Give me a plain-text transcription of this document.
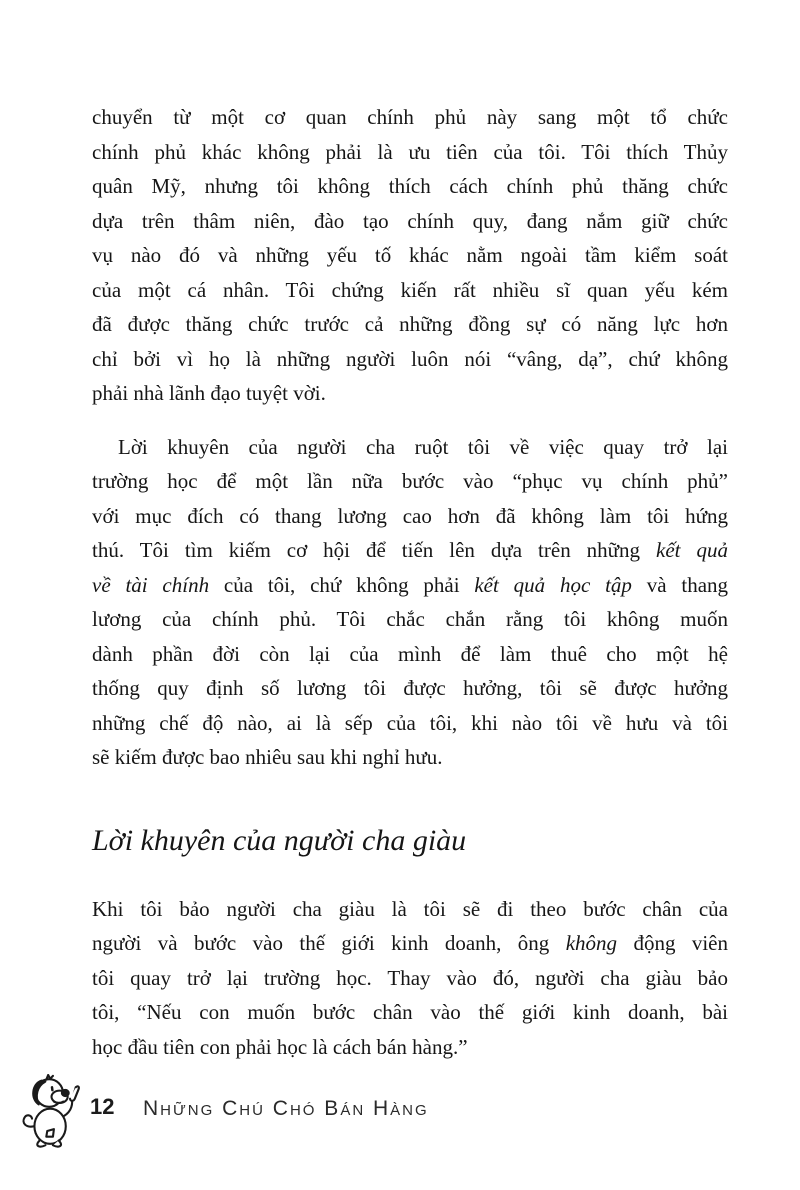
chuyển từ một cơ quan chính phủ này sang một tổ chức
chính phủ khác không phải là ưu tiên của tôi. Tôi thích Thủy
quân Mỹ, nhưng tôi không thích cách chính phủ thăng chức
dựa trên thâm niên, đào tạo chính quy, đang nắm giữ chức
vụ nào đó và những yếu tố khác nằm ngoài tầm kiểm soát
của một cá nhân. Tôi chứng kiến rất nhiều sĩ quan yếu kém
đã được thăng chức trước cả những đồng sự có năng lực hơn
chỉ bởi vì họ là những người luôn nói “vâng, dạ”, chứ không
phải nhà lãnh đạo tuyệt vời.
Lời khuyên của người cha ruột tôi về việc quay trở lại
trường học để một lần nữa bước vào “phục vụ chính phủ”
với mục đích có thang lương cao hơn đã không làm tôi hứng
thú. Tôi tìm kiếm cơ hội để tiến lên dựa trên những kết quả
về tài chính của tôi, chứ không phải kết quả học tập và thang
lương của chính phủ. Tôi chắc chắn rằng tôi không muốn
dành phần đời còn lại của mình để làm thuê cho một hệ
thống quy định số lương tôi được hưởng, tôi sẽ được hưởng
những chế độ nào, ai là sếp của tôi, khi nào tôi về hưu và tôi
sẽ kiếm được bao nhiêu sau khi nghỉ hưu.
Lời khuyên của người cha giàu
Khi tôi bảo người cha giàu là tôi sẽ đi theo bước chân của
người và bước vào thế giới kinh doanh, ông không động viên
tôi quay trở lại trường học. Thay vào đó, người cha giàu bảo
tôi, “Nếu con muốn bước chân vào thế giới kinh doanh, bài
học đầu tiên con phải học là cách bán hàng.”
12 Những Chú Chó Bán Hàng
